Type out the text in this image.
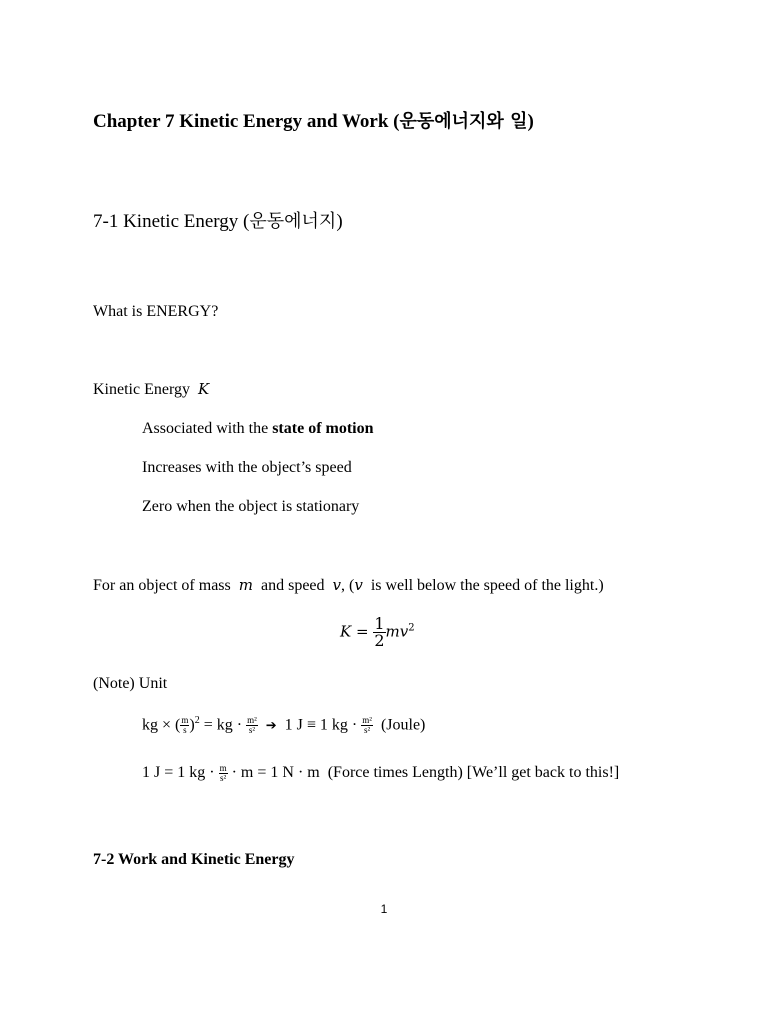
Chapter 7 Kinetic Energy and Work (운동에너지와 일)
7-1 Kinetic Energy (운동에너지)
What is ENERGY?
Kinetic Energy K
Associated with the state of motion
Increases with the object’s speed
Zero when the object is stationary
For an object of mass m and speed v, (v is well below the speed of the light.)
$K = \frac{1}{2} mv^2$
(Note) Unit
kg × ( $\frac{m}{s} )^2$ = kg · $\frac{\text{m²}}{\text{s²}}$ ➔ 1 J ≡ 1 kg · $\frac{\text{m²}}{\text{s²}}$ (Joule)
1 J = 1 kg · $\frac{m}{\text{s²}} \cdot m = 1$ N · m (Force times Length) [We’ll get back to this!]
7-2 Work and Kinetic Energy
1
